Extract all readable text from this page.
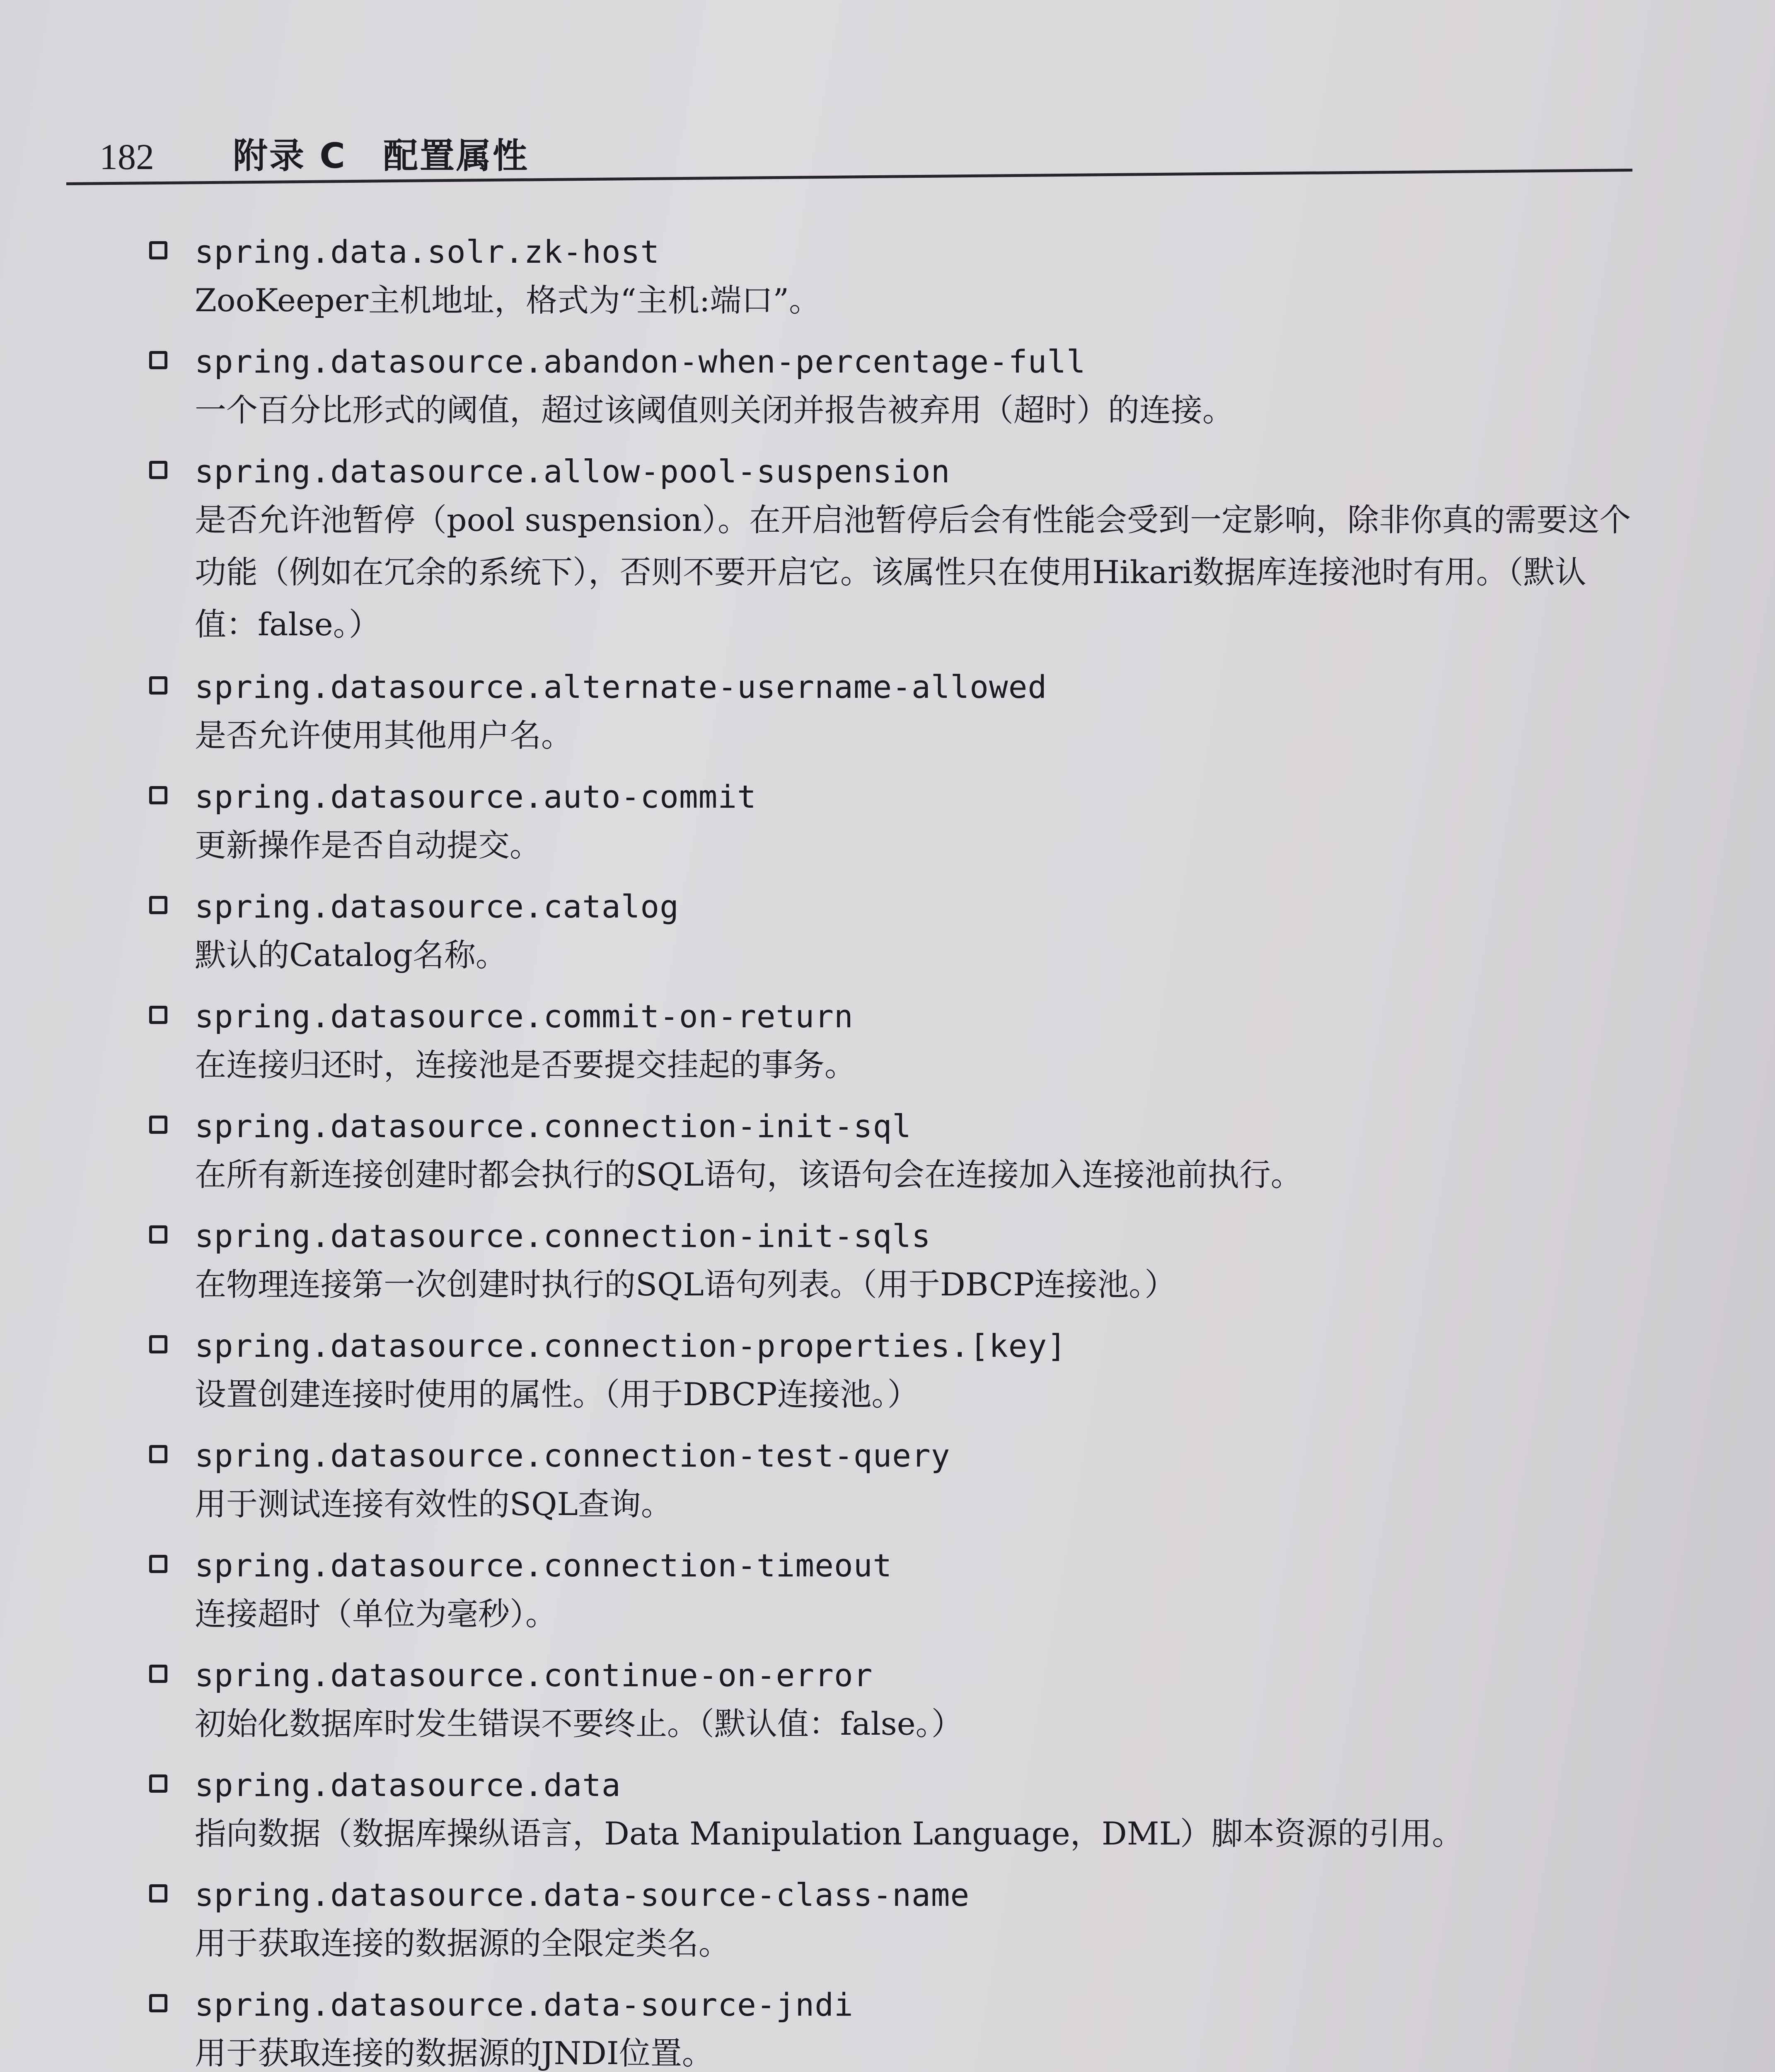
182 附录 C　配置属性
spring.data.solr.zk-host
ZooKeeper主机地址，格式为“主机:端口”。
spring.datasource.abandon-when-percentage-full
一个百分比形式的阈值，超过该阈值则关闭并报告被弃用（超时）的连接。
spring.datasource.allow-pool-suspension
是否允许池暂停（pool suspension）。在开启池暂停后会有性能会受到一定影响，除非你真的需要这个功能（例如在冗余的系统下），否则不要开启它。该属性只在使用Hikari数据库连接池时有用。（默认值：false。）
spring.datasource.alternate-username-allowed
是否允许使用其他用户名。
spring.datasource.auto-commit
更新操作是否自动提交。
spring.datasource.catalog
默认的Catalog名称。
spring.datasource.commit-on-return
在连接归还时，连接池是否要提交挂起的事务。
spring.datasource.connection-init-sql
在所有新连接创建时都会执行的SQL语句，该语句会在连接加入连接池前执行。
spring.datasource.connection-init-sqls
在物理连接第一次创建时执行的SQL语句列表。（用于DBCP连接池。）
spring.datasource.connection-properties.[key]
设置创建连接时使用的属性。（用于DBCP连接池。）
spring.datasource.connection-test-query
用于测试连接有效性的SQL查询。
spring.datasource.connection-timeout
连接超时（单位为毫秒）。
spring.datasource.continue-on-error
初始化数据库时发生错误不要终止。（默认值：false。）
spring.datasource.data
指向数据（数据库操纵语言，Data Manipulation Language，DML）脚本资源的引用。
spring.datasource.data-source-class-name
用于获取连接的数据源的全限定类名。
spring.datasource.data-source-jndi
用于获取连接的数据源的JNDI位置。
